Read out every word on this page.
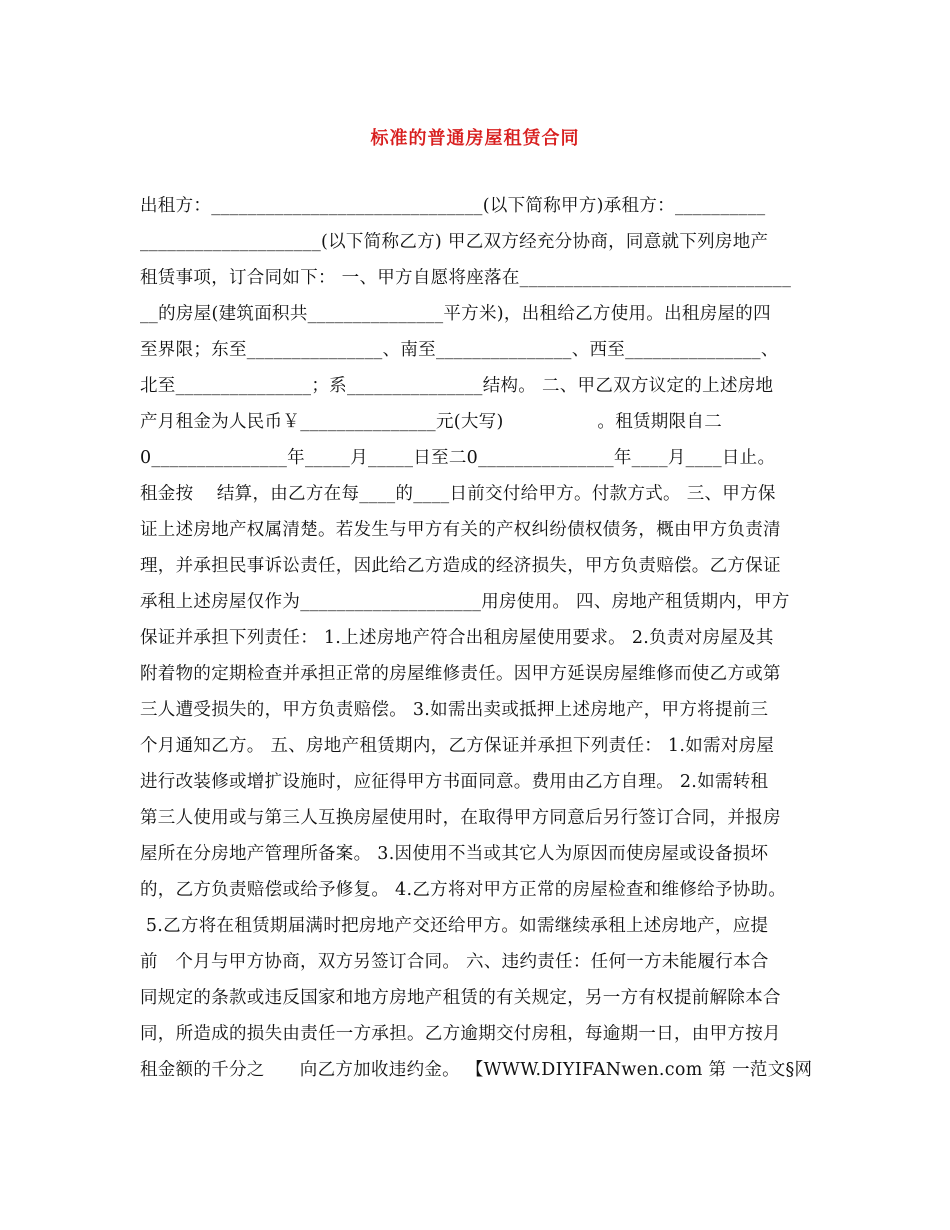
标准的普通房屋租赁合同
出租方：______________________________(以下简称甲方)承租方：__________
____________________(以下简称乙方) 甲乙双方经充分协商，同意就下列房地产
租赁事项，订合同如下： 一、甲方自愿将座落在______________________________
__的房屋(建筑面积共_______________平方米)，出租给乙方使用。出租房屋的四
至界限；东至_______________、南至_______________、西至_______________、
北至_______________；系_______________结构。 二、甲乙双方议定的上述房地
产月租金为人民币￥_______________元(大写)                。租赁期限自二
0_______________年_____月_____日至二0_______________年____月____日止。
租金按    结算，由乙方在每____的____日前交付给甲方。付款方式。 三、甲方保
证上述房地产权属清楚。若发生与甲方有关的产权纠纷债权债务，概由甲方负责清
理，并承担民事诉讼责任，因此给乙方造成的经济损失，甲方负责赔偿。乙方保证
承租上述房屋仅作为____________________用房使用。 四、房地产租赁期内，甲方
保证并承担下列责任： 1.上述房地产符合出租房屋使用要求。 2.负责对房屋及其
附着物的定期检查并承担正常的房屋维修责任。因甲方延误房屋维修而使乙方或第
三人遭受损失的，甲方负责赔偿。 3.如需出卖或抵押上述房地产，甲方将提前三
个月通知乙方。 五、房地产租赁期内，乙方保证并承担下列责任： 1.如需对房屋
进行改装修或增扩设施时，应征得甲方书面同意。费用由乙方自理。 2.如需转租
第三人使用或与第三人互换房屋使用时，在取得甲方同意后另行签订合同，并报房
屋所在分房地产管理所备案。 3.因使用不当或其它人为原因而使房屋或设备损坏
的，乙方负责赔偿或给予修复。 4.乙方将对甲方正常的房屋检查和维修给予协助。
5.乙方将在租赁期届满时把房地产交还给甲方。如需继续承租上述房地产，应提
前   个月与甲方协商，双方另签订合同。 六、违约责任：任何一方未能履行本合
同规定的条款或违反国家和地方房地产租赁的有关规定，另一方有权提前解除本合
同，所造成的损失由责任一方承担。乙方逾期交付房租，每逾期一日，由甲方按月
租金额的千分之      向乙方加收违约金。 【WWW.DIYIFANwen.com 第 一范文§网
